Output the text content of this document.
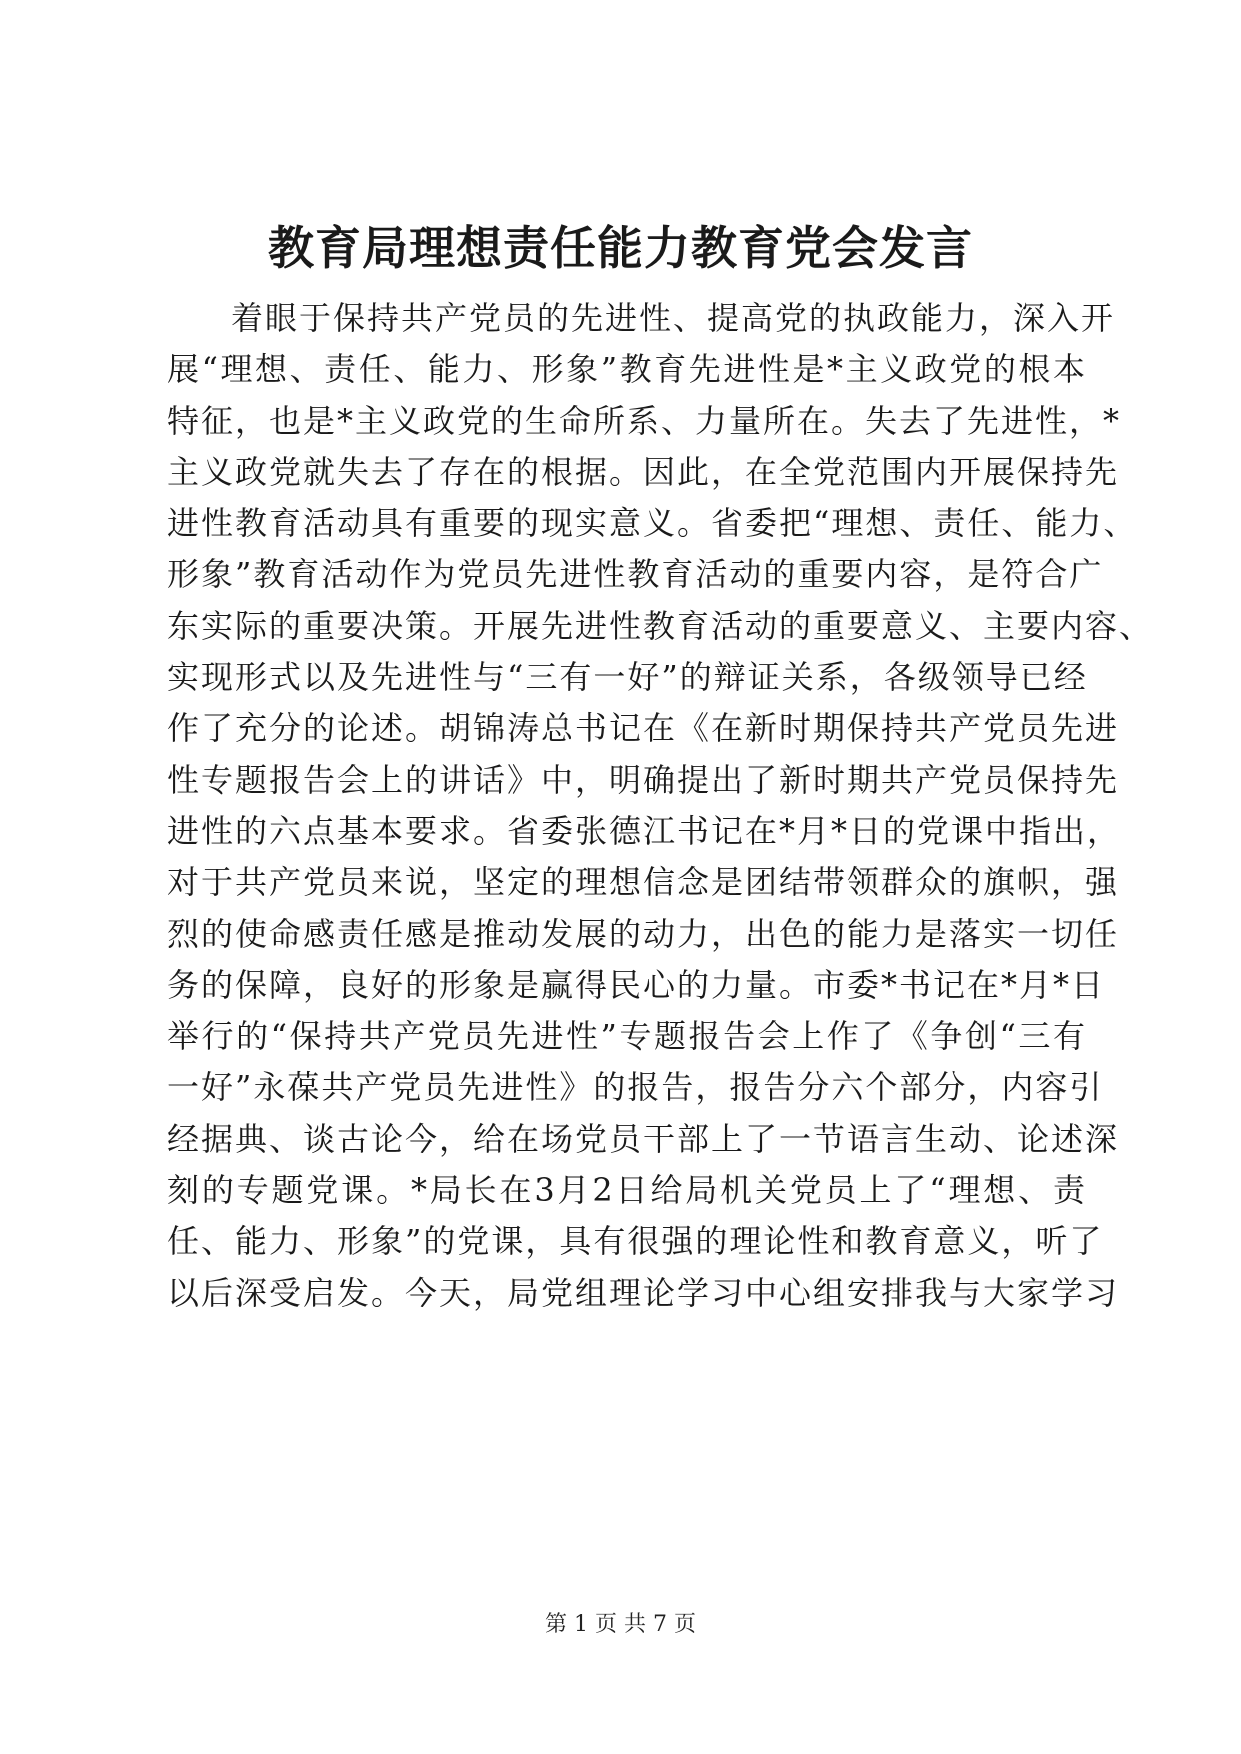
教育局理想责任能力教育党会发言
着眼于保持共产党员的先进性、提高党的执政能力，深入开
展“理想、责任、能力、形象”教育先进性是*主义政党的根本
特征，也是*主义政党的生命所系、力量所在。失去了先进性，*
主义政党就失去了存在的根据。因此，在全党范围内开展保持先
进性教育活动具有重要的现实意义。省委把“理想、责任、能力、
形象”教育活动作为党员先进性教育活动的重要内容，是符合广
东实际的重要决策。开展先进性教育活动的重要意义、主要内容、
实现形式以及先进性与“三有一好”的辩证关系，各级领导已经
作了充分的论述。胡锦涛总书记在《在新时期保持共产党员先进
性专题报告会上的讲话》中，明确提出了新时期共产党员保持先
进性的六点基本要求。省委张德江书记在*月*日的党课中指出，
对于共产党员来说，坚定的理想信念是团结带领群众的旗帜，强
烈的使命感责任感是推动发展的动力，出色的能力是落实一切任
务的保障，良好的形象是赢得民心的力量。市委*书记在*月*日
举行的“保持共产党员先进性”专题报告会上作了《争创“三有
一好”永葆共产党员先进性》的报告，报告分六个部分，内容引
经据典、谈古论今，给在场党员干部上了一节语言生动、论述深
刻的专题党课。*局长在3月2日给局机关党员上了“理想、责
任、能力、形象”的党课，具有很强的理论性和教育意义，听了
以后深受启发。今天，局党组理论学习中心组安排我与大家学习
第 1 页 共 7 页
